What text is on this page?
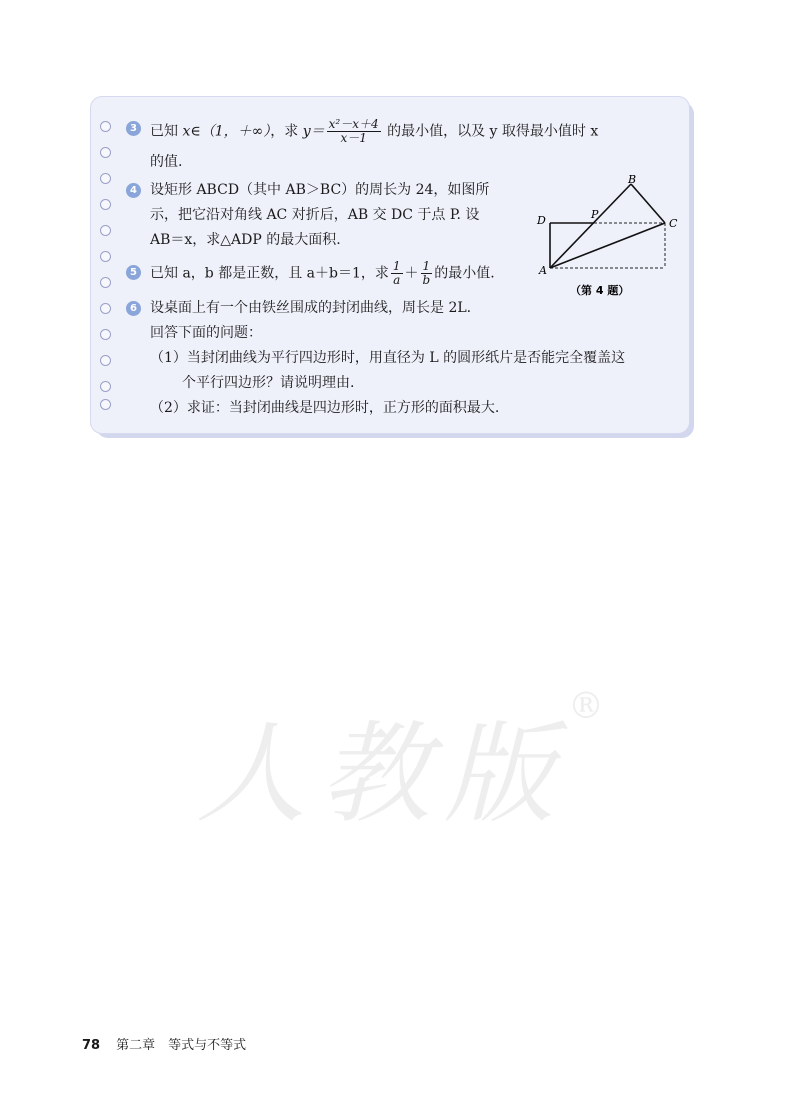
人教版®
3 已知 x∈（1，＋∞），求 $y= \frac{\text{x²－x＋4}}{x-1}$ 的最小值，以及 y 取得最小值时 x
的值.
4 设矩形 ABCD（其中 AB＞BC）的周长为 24，如图所
示，把它沿对角线 AC 对折后，AB 交 DC 于点 P. 设
AB＝x，求△ADP 的最大面积.
5 已知 a，b 都是正数，且 a＋b＝1，求 $\frac{1}{a} + \frac{1}{b}$ 的最小值.
6 设桌面上有一个由铁丝围成的封闭曲线，周长是 2L.
回答下面的问题：
（1）当封闭曲线为平行四边形时，用直径为 L 的圆形纸片是否能完全覆盖这
个平行四边形？请说明理由.
（2）求证：当封闭曲线是四边形时，正方形的面积最大.
B
D	P
C
A
（第 4 题）
78 第二章　等式与不等式
